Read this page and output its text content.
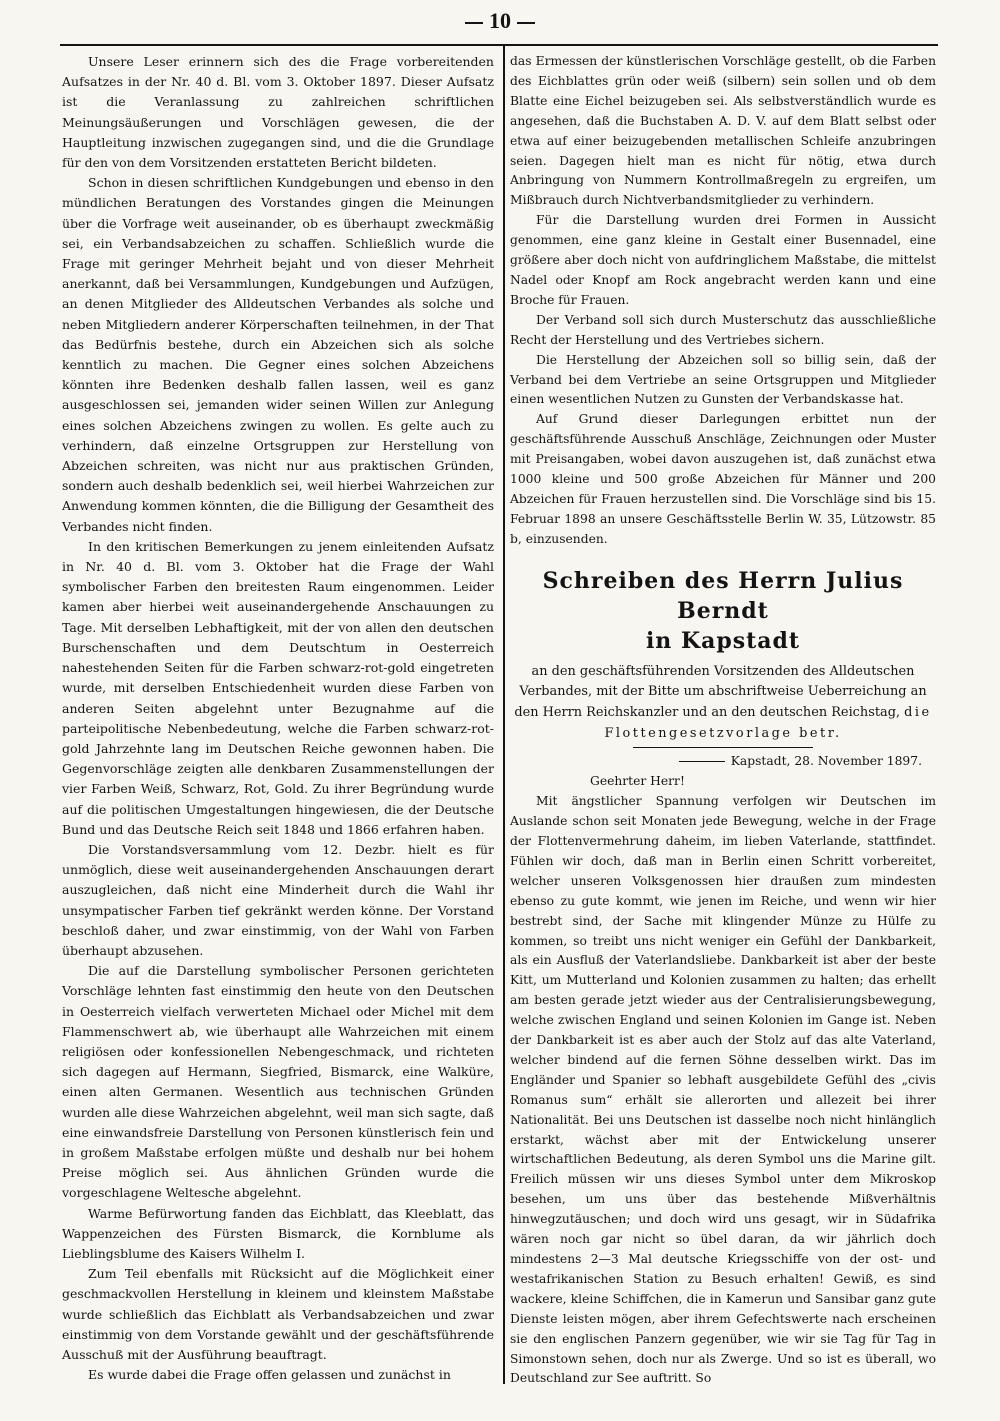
10

Unsere Leser erinnern sich des die Frage vorbereitenden Aufsatzes in der Nr. 40 d. Bl. vom 3. Oktober 1897. Dieser Aufsatz ist die Veranlassung zu zahlreichen schriftlichen Meinungsäußerungen und Vorschlägen gewesen, die der Hauptleitung inzwischen zugegangen sind, und die die Grundlage für den von dem Vorsitzenden erstatteten Bericht bildeten.

Schon in diesen schriftlichen Kundgebungen und ebenso in den mündlichen Beratungen des Vorstandes gingen die Meinungen über die Vorfrage weit auseinander, ob es überhaupt zweckmäßig sei, ein Verbandsabzeichen zu schaffen. Schließlich wurde die Frage mit geringer Mehrheit bejaht und von dieser Mehrheit anerkannt, daß bei Versammlungen, Kundgebungen und Aufzügen, an denen Mitglieder des Alldeutschen Verbandes als solche und neben Mitgliedern anderer Körperschaften teilnehmen, in der That das Bedürfnis bestehe, durch ein Abzeichen sich als solche kenntlich zu machen. Die Gegner eines solchen Abzeichens könnten ihre Bedenken deshalb fallen lassen, weil es ganz ausgeschlossen sei, jemanden wider seinen Willen zur Anlegung eines solchen Abzeichens zwingen zu wollen. Es gelte auch zu verhindern, daß einzelne Ortsgruppen zur Herstellung von Abzeichen schreiten, was nicht nur aus praktischen Gründen, sondern auch deshalb bedenklich sei, weil hierbei Wahrzeichen zur Anwendung kommen könnten, die die Billigung der Gesamtheit des Verbandes nicht finden.

In den kritischen Bemerkungen zu jenem einleitenden Aufsatz in Nr. 40 d. Bl. vom 3. Oktober hat die Frage der Wahl symbolischer Farben den breitesten Raum eingenommen. Leider kamen aber hierbei weit auseinandergehende Anschauungen zu Tage. Mit derselben Lebhaftigkeit, mit der von allen den deutschen Burschenschaften und dem Deutschtum in Oesterreich nahestehenden Seiten für die Farben schwarz-rot-gold eingetreten wurde, mit derselben Entschiedenheit wurden diese Farben von anderen Seiten abgelehnt unter Bezugnahme auf die parteipolitische Nebenbedeutung, welche die Farben schwarz-rot-gold Jahrzehnte lang im Deutschen Reiche gewonnen haben. Die Gegenvorschläge zeigten alle denkbaren Zusammenstellungen der vier Farben Weiß, Schwarz, Rot, Gold. Zu ihrer Begründung wurde auf die politischen Umgestaltungen hingewiesen, die der Deutsche Bund und das Deutsche Reich seit 1848 und 1866 erfahren haben.

Die Vorstandsversammlung vom 12. Dezbr. hielt es für unmöglich, diese weit auseinandergehenden Anschauungen derart auszugleichen, daß nicht eine Minderheit durch die Wahl ihr unsympatischer Farben tief gekränkt werden könne. Der Vorstand beschloß daher, und zwar einstimmig, von der Wahl von Farben überhaupt abzusehen.

Die auf die Darstellung symbolischer Personen gerichteten Vorschläge lehnten fast einstimmig den heute von den Deutschen in Oesterreich vielfach verwerteten Michael oder Michel mit dem Flammenschwert ab, wie überhaupt alle Wahrzeichen mit einem religiösen oder konfessionellen Nebengeschmack, und richteten sich dagegen auf Hermann, Siegfried, Bismarck, eine Walküre, einen alten Germanen. Wesentlich aus technischen Gründen wurden alle diese Wahrzeichen abgelehnt, weil man sich sagte, daß eine einwandsfreie Darstellung von Personen künstlerisch fein und in großem Maßstabe erfolgen müßte und deshalb nur bei hohem Preise möglich sei. Aus ähnlichen Gründen wurde die vorgeschlagene Weltesche abgelehnt.

Warme Befürwortung fanden das Eichblatt, das Kleeblatt, das Wappenzeichen des Fürsten Bismarck, die Kornblume als Lieblingsblume des Kaisers Wilhelm I.

Zum Teil ebenfalls mit Rücksicht auf die Möglichkeit einer geschmackvollen Herstellung in kleinem und kleinstem Maßstabe wurde schließlich das Eichblatt als Verbandsabzeichen und zwar einstimmig von dem Vorstande gewählt und der geschäftsführende Ausschuß mit der Ausführung beauftragt.

Es wurde dabei die Frage offen gelassen und zunächst in

das Ermessen der künstlerischen Vorschläge gestellt, ob die Farben des Eichblattes grün oder weiß (silbern) sein sollen und ob dem Blatte eine Eichel beizugeben sei. Als selbstverständlich wurde es angesehen, daß die Buchstaben A. D. V. auf dem Blatt selbst oder etwa auf einer beizugebenden metallischen Schleife anzubringen seien. Dagegen hielt man es nicht für nötig, etwa durch Anbringung von Nummern Kontrollmaßregeln zu ergreifen, um Mißbrauch durch Nichtverbandsmitglieder zu verhindern.

Für die Darstellung wurden drei Formen in Aussicht genommen, eine ganz kleine in Gestalt einer Busennadel, eine größere aber doch nicht von aufdringlichem Maßstabe, die mittelst Nadel oder Knopf am Rock angebracht werden kann und eine Broche für Frauen.

Der Verband soll sich durch Musterschutz das ausschließliche Recht der Herstellung und des Vertriebes sichern.

Die Herstellung der Abzeichen soll so billig sein, daß der Verband bei dem Vertriebe an seine Ortsgruppen und Mitglieder einen wesentlichen Nutzen zu Gunsten der Verbandskasse hat.

Auf Grund dieser Darlegungen erbittet nun der geschäftsführende Ausschuß Anschläge, Zeichnungen oder Muster mit Preisangaben, wobei davon auszugehen ist, daß zunächst etwa 1000 kleine und 500 große Abzeichen für Männer und 200 Abzeichen für Frauen herzustellen sind. Die Vorschläge sind bis 15. Februar 1898 an unsere Geschäftsstelle Berlin W. 35, Lützowstr. 85 b, einzusenden.

Schreiben des Herrn Julius Berndt
in Kapstadt

an den geschäftsführenden Vorsitzenden des Alldeutschen Verbandes, mit der Bitte um abschriftweise Ueberreichung an den Herrn Reichskanzler und an den deutschen Reichstag, die Flottengesetzvorlage betr.

Kapstadt, 28. November 1897.

Geehrter Herr!

Mit ängstlicher Spannung verfolgen wir Deutschen im Auslande schon seit Monaten jede Bewegung, welche in der Frage der Flottenvermehrung daheim, im lieben Vaterlande, stattfindet. Fühlen wir doch, daß man in Berlin einen Schritt vorbereitet, welcher unseren Volksgenossen hier draußen zum mindesten ebenso zu gute kommt, wie jenen im Reiche, und wenn wir hier bestrebt sind, der Sache mit klingender Münze zu Hülfe zu kommen, so treibt uns nicht weniger ein Gefühl der Dankbarkeit, als ein Ausfluß der Vaterlandsliebe. Dankbarkeit ist aber der beste Kitt, um Mutterland und Kolonien zusammen zu halten; das erhellt am besten gerade jetzt wieder aus der Centralisierungsbewegung, welche zwischen England und seinen Kolonien im Gange ist. Neben der Dankbarkeit ist es aber auch der Stolz auf das alte Vaterland, welcher bindend auf die fernen Söhne desselben wirkt. Das im Engländer und Spanier so lebhaft ausgebildete Gefühl des „civis Romanus sum“ erhält sie allerorten und allezeit bei ihrer Nationalität. Bei uns Deutschen ist dasselbe noch nicht hinlänglich erstarkt, wächst aber mit der Entwickelung unserer wirtschaftlichen Bedeutung, als deren Symbol uns die Marine gilt. Freilich müssen wir uns dieses Symbol unter dem Mikroskop besehen, um uns über das bestehende Mißverhältnis hinwegzutäuschen; und doch wird uns gesagt, wir in Südafrika wären noch gar nicht so übel daran, da wir jährlich doch mindestens 2—3 Mal deutsche Kriegsschiffe von der ost- und westafrikanischen Station zu Besuch erhalten! Gewiß, es sind wackere, kleine Schiffchen, die in Kamerun und Sansibar ganz gute Dienste leisten mögen, aber ihrem Gefechtswerte nach erscheinen sie den englischen Panzern gegenüber, wie wir sie Tag für Tag in Simonstown sehen, doch nur als Zwerge. Und so ist es überall, wo Deutschland zur See auftritt. So
